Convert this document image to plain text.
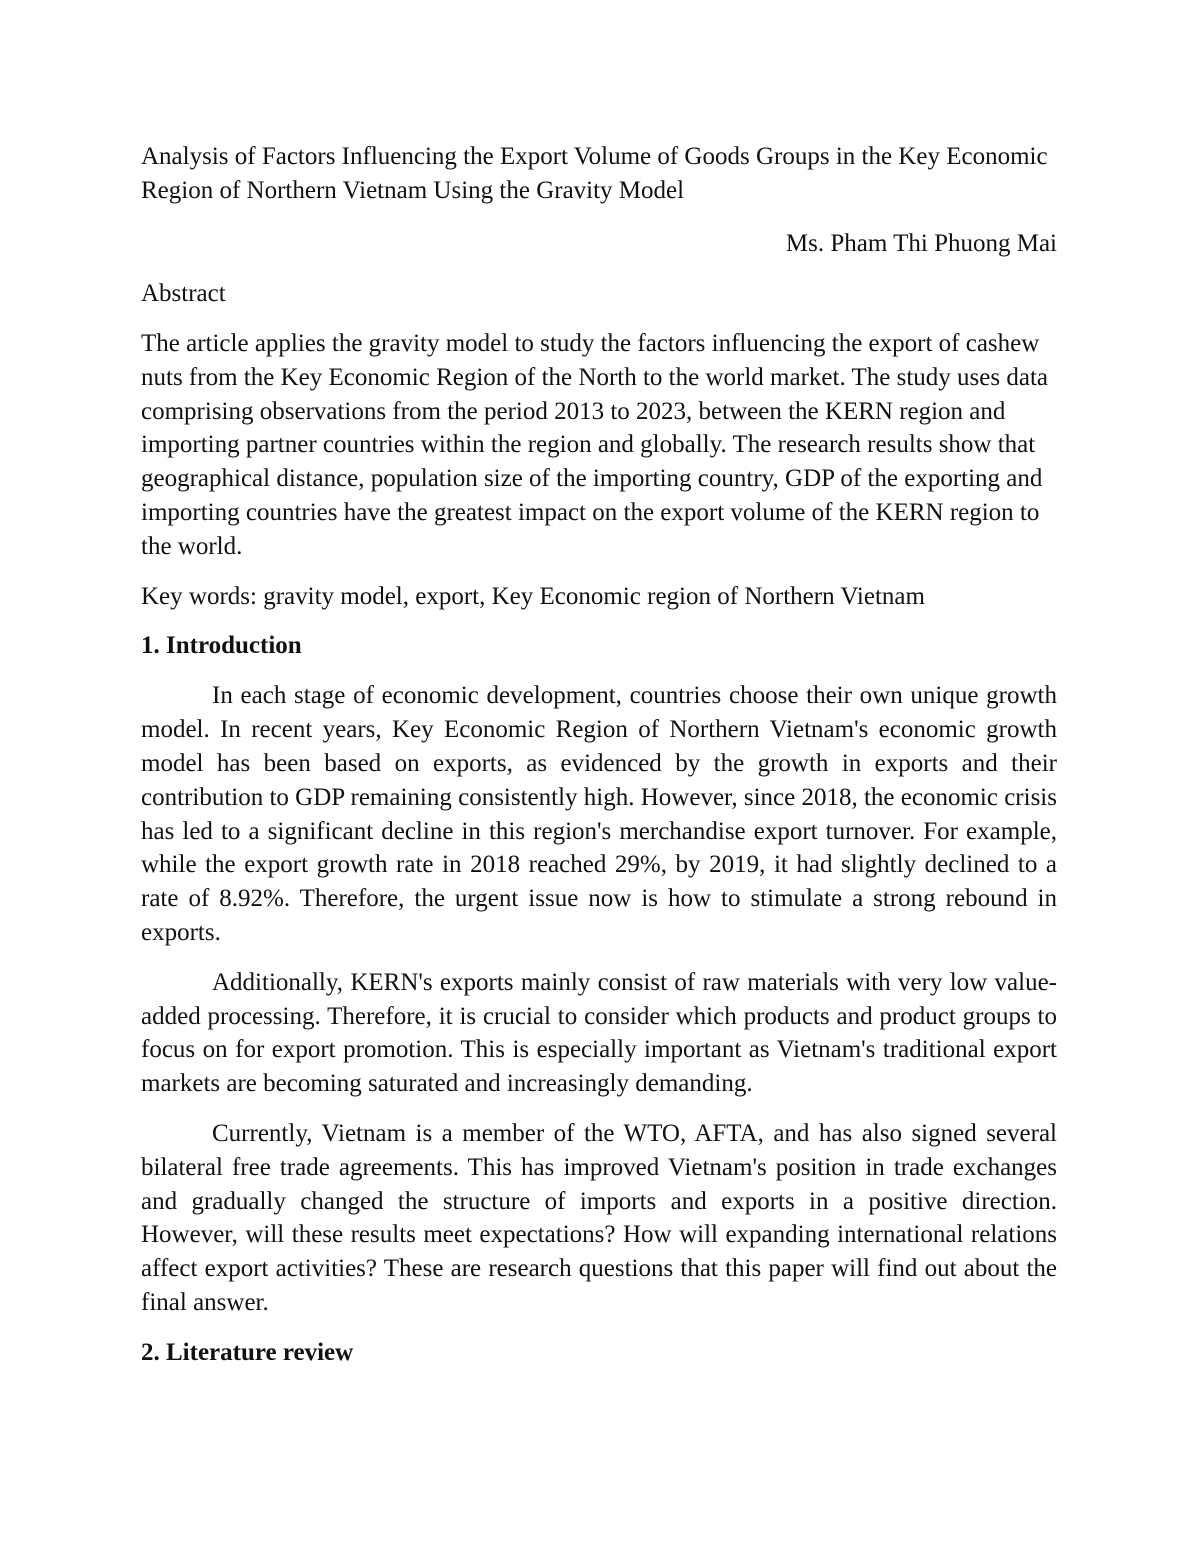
Analysis of Factors Influencing the Export Volume of Goods Groups in the Key Economic Region of Northern Vietnam Using the Gravity Model

Ms. Pham Thi Phuong Mai

Abstract

The article applies the gravity model to study the factors influencing the export of cashew nuts from the Key Economic Region of the North to the world market. The study uses data comprising observations from the period 2013 to 2023, between the KERN region and importing partner countries within the region and globally. The research results show that geographical distance, population size of the importing country, GDP of the exporting and importing countries have the greatest impact on the export volume of the KERN region to the world.

Key words: gravity model, export, Key Economic region of Northern Vietnam

1. Introduction

In each stage of economic development, countries choose their own unique growth model. In recent years, Key Economic Region of Northern Vietnam's economic growth model has been based on exports, as evidenced by the growth in exports and their contribution to GDP remaining consistently high. However, since 2018, the economic crisis has led to a significant decline in this region's merchandise export turnover. For example, while the export growth rate in 2018 reached 29%, by 2019, it had slightly declined to a rate of 8.92%. Therefore, the urgent issue now is how to stimulate a strong rebound in exports.

Additionally, KERN's exports mainly consist of raw materials with very low value-added processing. Therefore, it is crucial to consider which products and product groups to focus on for export promotion. This is especially important as Vietnam's traditional export markets are becoming saturated and increasingly demanding.

Currently, Vietnam is a member of the WTO, AFTA, and has also signed several bilateral free trade agreements. This has improved Vietnam's position in trade exchanges and gradually changed the structure of imports and exports in a positive direction. However, will these results meet expectations? How will expanding international relations affect export activities? These are research questions that this paper will find out about the final answer.

2. Literature review
